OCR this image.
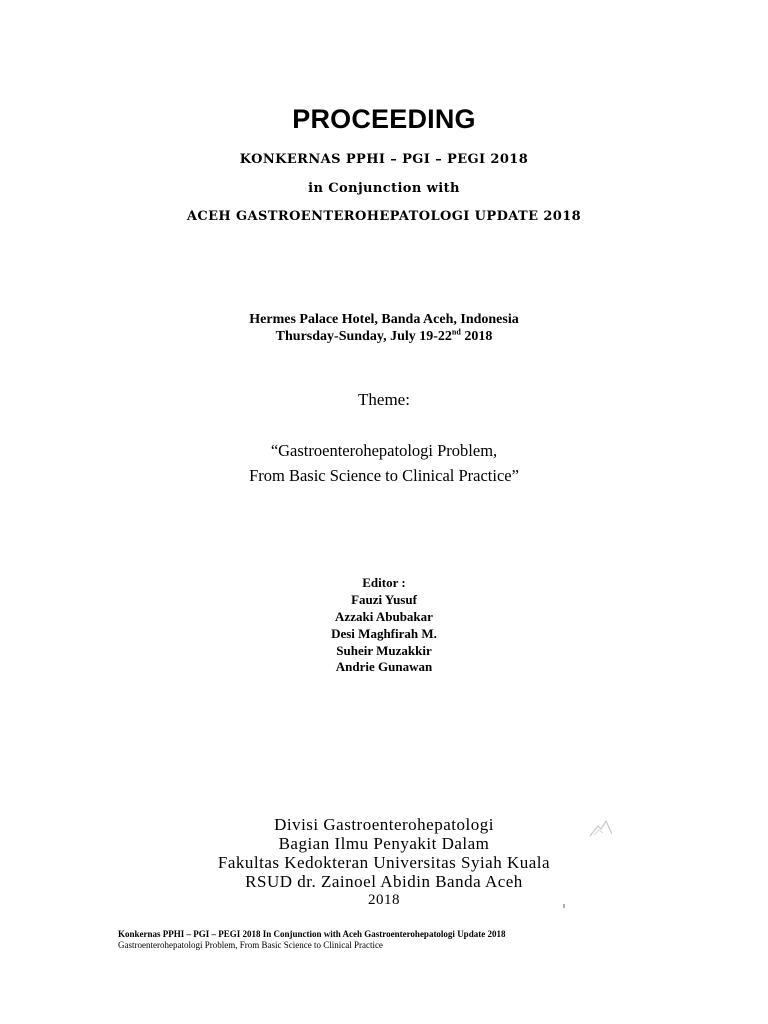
PROCEEDING
KONKERNAS PPHI – PGI – PEGI 2018
in Conjunction with
ACEH GASTROENTEROHEPATOLOGI UPDATE 2018
Hermes Palace Hotel, Banda Aceh, Indonesia
Thursday-Sunday, July 19-22nd 2018
Theme:
“Gastroenterohepatologi Problem,
From Basic Science to Clinical Practice”
Editor :
Fauzi Yusuf
Azzaki Abubakar
Desi Maghfirah M.
Suheir Muzakkir
Andrie Gunawan
Divisi Gastroenterohepatologi
Bagian Ilmu Penyakit Dalam
Fakultas Kedokteran Universitas Syiah Kuala
RSUD dr. Zainoel Abidin Banda Aceh
2018
Konkernas PPHI – PGI – PEGI 2018 In Conjunction with Aceh Gastroenterohepatologi Update 2018
Gastroenterohepatologi Problem, From Basic Science to Clinical Practice
